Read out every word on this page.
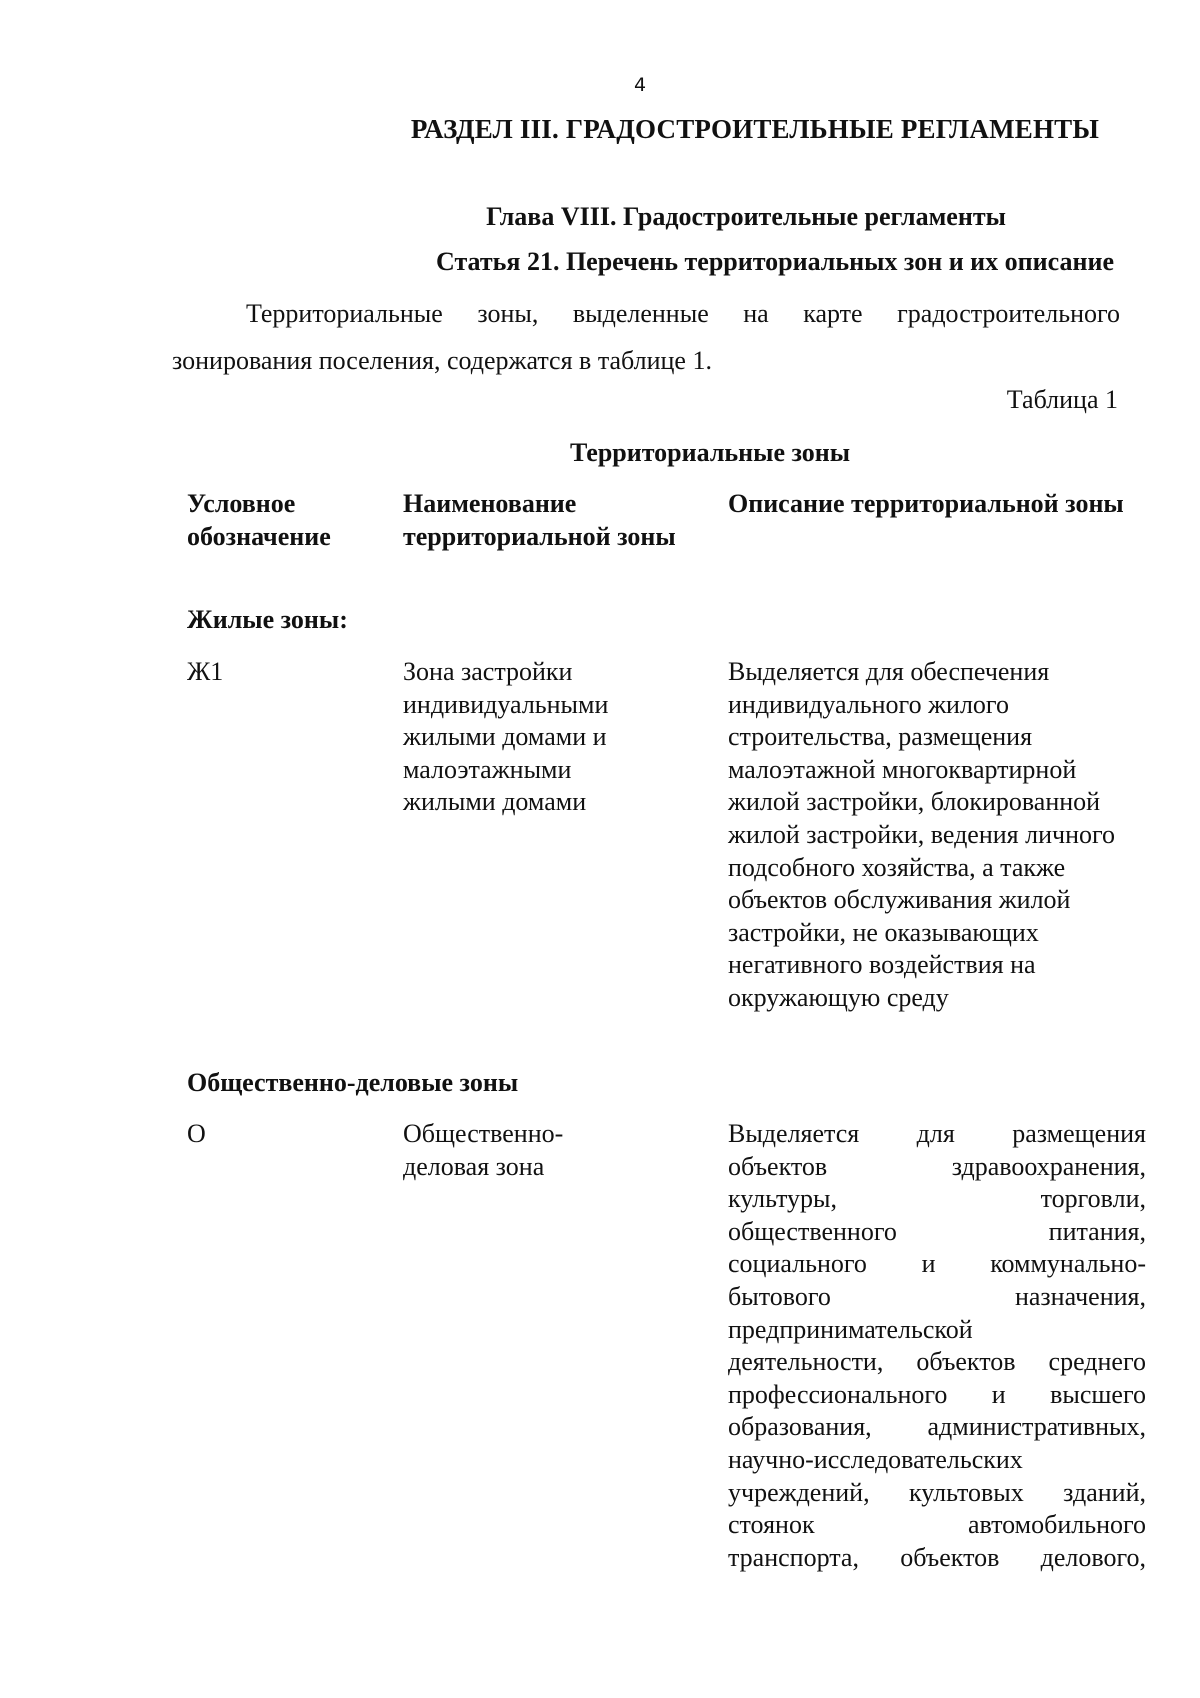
4
РАЗДЕЛ III. ГРАДОСТРОИТЕЛЬНЫЕ РЕГЛАМЕНТЫ
Глава VIII. Градостроительные регламенты
Статья 21. Перечень территориальных зон и их описание
Территориальные зоны, выделенные на карте градостроительного
зонирования поселения, содержатся в таблице 1.
Таблица 1
Территориальные зоны
Условное обозначение
Наименование территориальной зоны
Описание территориальной зоны
Жилые зоны:
Ж1	Зона застройки индивидуальными жилыми домами и малоэтажными жилыми домами
Выделяется для обеспечения индивидуального жилого строительства, размещения малоэтажной многоквартирной жилой застройки, блокированной жилой застройки, ведения личного подсобного хозяйства, а также объектов обслуживания жилой застройки, не оказывающих негативного воздействия на окружающую среду
Общественно-деловые зоны
О	Общественно-деловая зона
Выделяется для размещения
объектов здравоохранения,
культуры, торговли,
общественного питания,
социального и коммунально-
бытового назначения,
предпринимательской
деятельности, объектов среднего
профессионального и высшего
образования, административных,
научно-исследовательских
учреждений, культовых зданий,
стоянок автомобильного
транспорта, объектов делового,
